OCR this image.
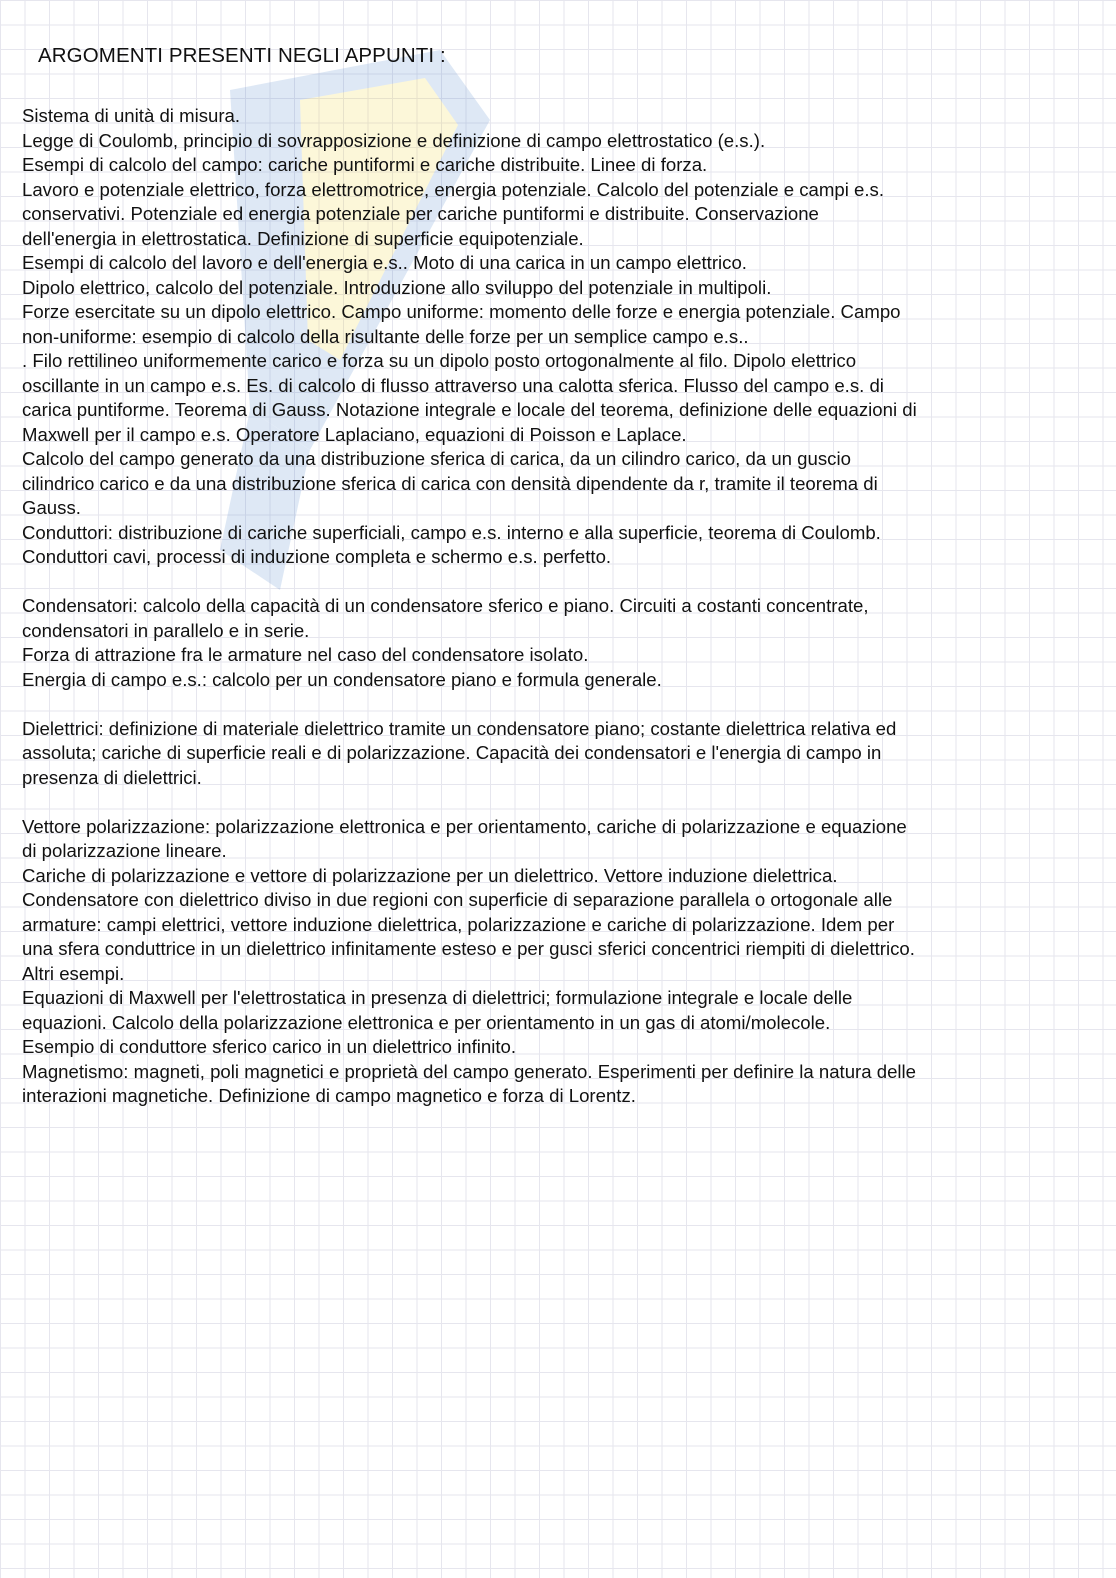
ARGOMENTI PRESENTI NEGLI APPUNTI :
Sistema di unità di misura.
Legge di Coulomb, principio di sovrapposizione e definizione di campo elettrostatico (e.s.).
Esempi di calcolo del campo: cariche puntiformi e cariche distribuite. Linee di forza.
Lavoro e potenziale elettrico, forza elettromotrice, energia potenziale. Calcolo del potenziale e campi e.s.
conservativi. Potenziale ed energia potenziale per cariche puntiformi e distribuite. Conservazione
dell'energia in elettrostatica. Definizione di superficie equipotenziale.
Esempi di calcolo del lavoro e dell'energia e.s.. Moto di una carica in un campo elettrico.
Dipolo elettrico, calcolo del potenziale. Introduzione allo sviluppo del potenziale in multipoli.
Forze esercitate su un dipolo elettrico. Campo uniforme: momento delle forze e energia potenziale. Campo
non-uniforme: esempio di calcolo della risultante delle forze per un semplice campo e.s..
. Filo rettilineo uniformemente carico e forza su un dipolo posto ortogonalmente al filo. Dipolo elettrico
oscillante in un campo e.s. Es. di calcolo di flusso attraverso una calotta sferica. Flusso del campo e.s. di
carica puntiforme. Teorema di Gauss. Notazione integrale e locale del teorema, definizione delle equazioni di
Maxwell per il campo e.s. Operatore Laplaciano, equazioni di Poisson e Laplace.
Calcolo del campo generato da una distribuzione sferica di carica, da un cilindro carico, da un guscio
cilindrico carico e da una distribuzione sferica di carica con densità dipendente da r, tramite il teorema di
Gauss.
Conduttori: distribuzione di cariche superficiali, campo e.s. interno e alla superficie, teorema di Coulomb.
Conduttori cavi, processi di induzione completa e schermo e.s. perfetto.
Condensatori: calcolo della capacità di un condensatore sferico e piano. Circuiti a costanti concentrate,
condensatori in parallelo e in serie.
Forza di attrazione fra le armature nel caso del condensatore isolato.
Energia di campo e.s.: calcolo per un condensatore piano e formula generale.
Dielettrici: definizione di materiale dielettrico tramite un condensatore piano; costante dielettrica relativa ed
assoluta; cariche di superficie reali e di polarizzazione. Capacità dei condensatori e l'energia di campo in
presenza di dielettrici.
Vettore polarizzazione: polarizzazione elettronica e per orientamento, cariche di polarizzazione e equazione
di polarizzazione lineare.
Cariche di polarizzazione e vettore di polarizzazione per un dielettrico. Vettore induzione dielettrica.
Condensatore con dielettrico diviso in due regioni con superficie di separazione parallela o ortogonale alle
armature: campi elettrici, vettore induzione dielettrica, polarizzazione e cariche di polarizzazione. Idem per
una sfera conduttrice in un dielettrico infinitamente esteso e per gusci sferici concentrici riempiti di dielettrico.
Altri esempi.
Equazioni di Maxwell per l'elettrostatica in presenza di dielettrici; formulazione integrale e locale delle
equazioni. Calcolo della polarizzazione elettronica e per orientamento in un gas di atomi/molecole.
Esempio di conduttore sferico carico in un dielettrico infinito.
Magnetismo: magneti, poli magnetici e proprietà del campo generato. Esperimenti per definire la natura delle
interazioni magnetiche. Definizione di campo magnetico e forza di Lorentz.
